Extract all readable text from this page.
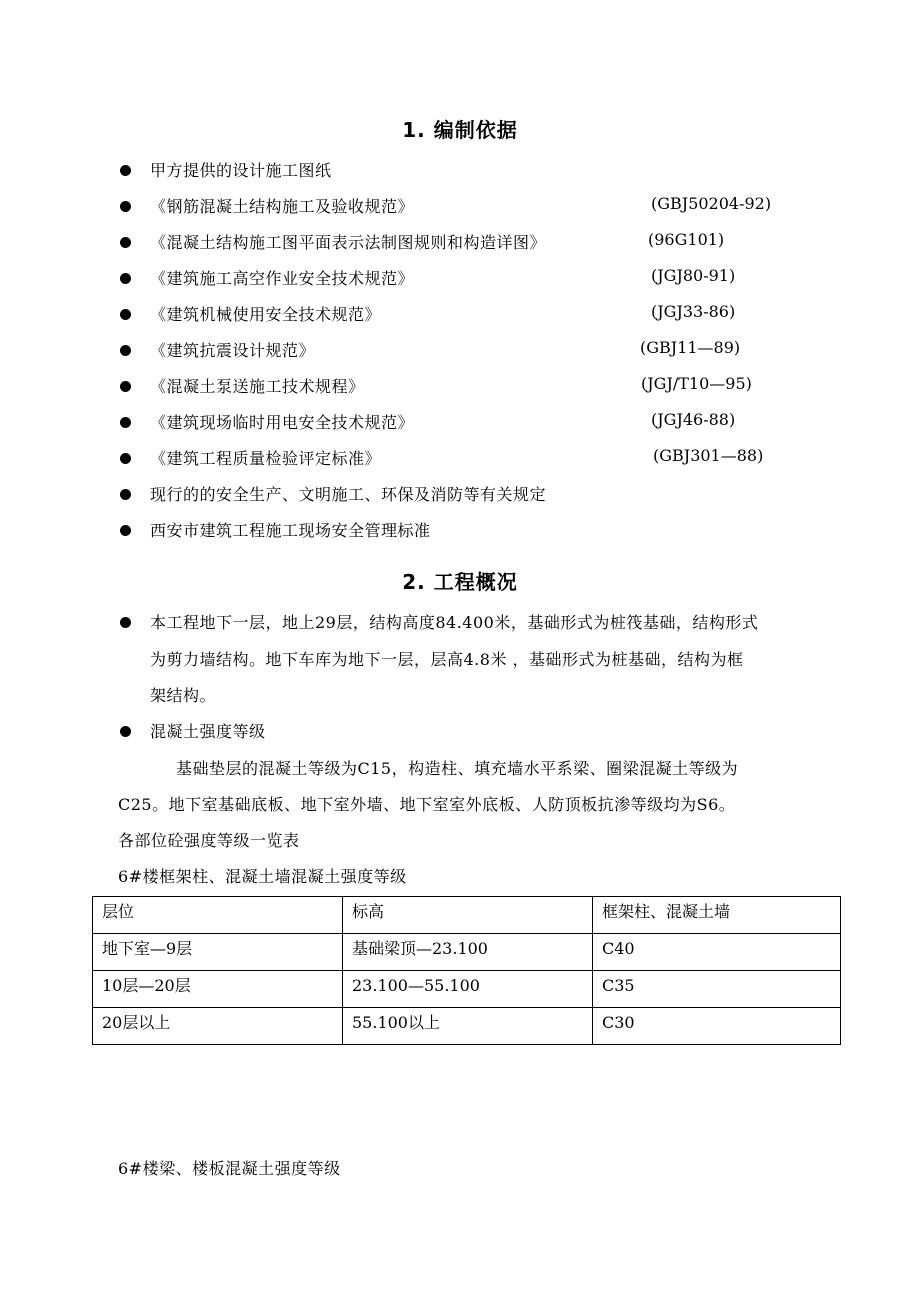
1. 编制依据
甲方提供的设计施工图纸
《钢筋混凝土结构施工及验收规范》	(GBJ50204-92)
《混凝土结构施工图平面表示法制图规则和构造详图》	(96G101)
《建筑施工高空作业安全技术规范》	(JGJ80-91)
《建筑机械使用安全技术规范》	(JGJ33-86)
《建筑抗震设计规范》	(GBJ11—89)
《混凝土泵送施工技术规程》	(JGJ/T10—95)
《建筑现场临时用电安全技术规范》	(JGJ46-88)
《建筑工程质量检验评定标准》	(GBJ301—88)
现行的的安全生产、文明施工、环保及消防等有关规定
西安市建筑工程施工现场安全管理标准
2. 工程概况
本工程地下一层，地上29层，结构高度84.400米，基础形式为桩筏基础，结构形式
为剪力墙结构。地下车库为地下一层，层高4.8米 ，基础形式为桩基础，结构为框
架结构。
混凝土强度等级
基础垫层的混凝土等级为C15，构造柱、填充墙水平系梁、圈梁混凝土等级为
C25。地下室基础底板、地下室外墙、地下室室外底板、人防顶板抗渗等级均为S6。
各部位砼强度等级一览表
6#楼框架柱、混凝土墙混凝土强度等级
层位	标高	框架柱、混凝土墙
地下室—9层	基础梁顶—23.100	C40
10层—20层	23.100—55.100	C35
20层以上	55.100以上	C30
6#楼梁、楼板混凝土强度等级
